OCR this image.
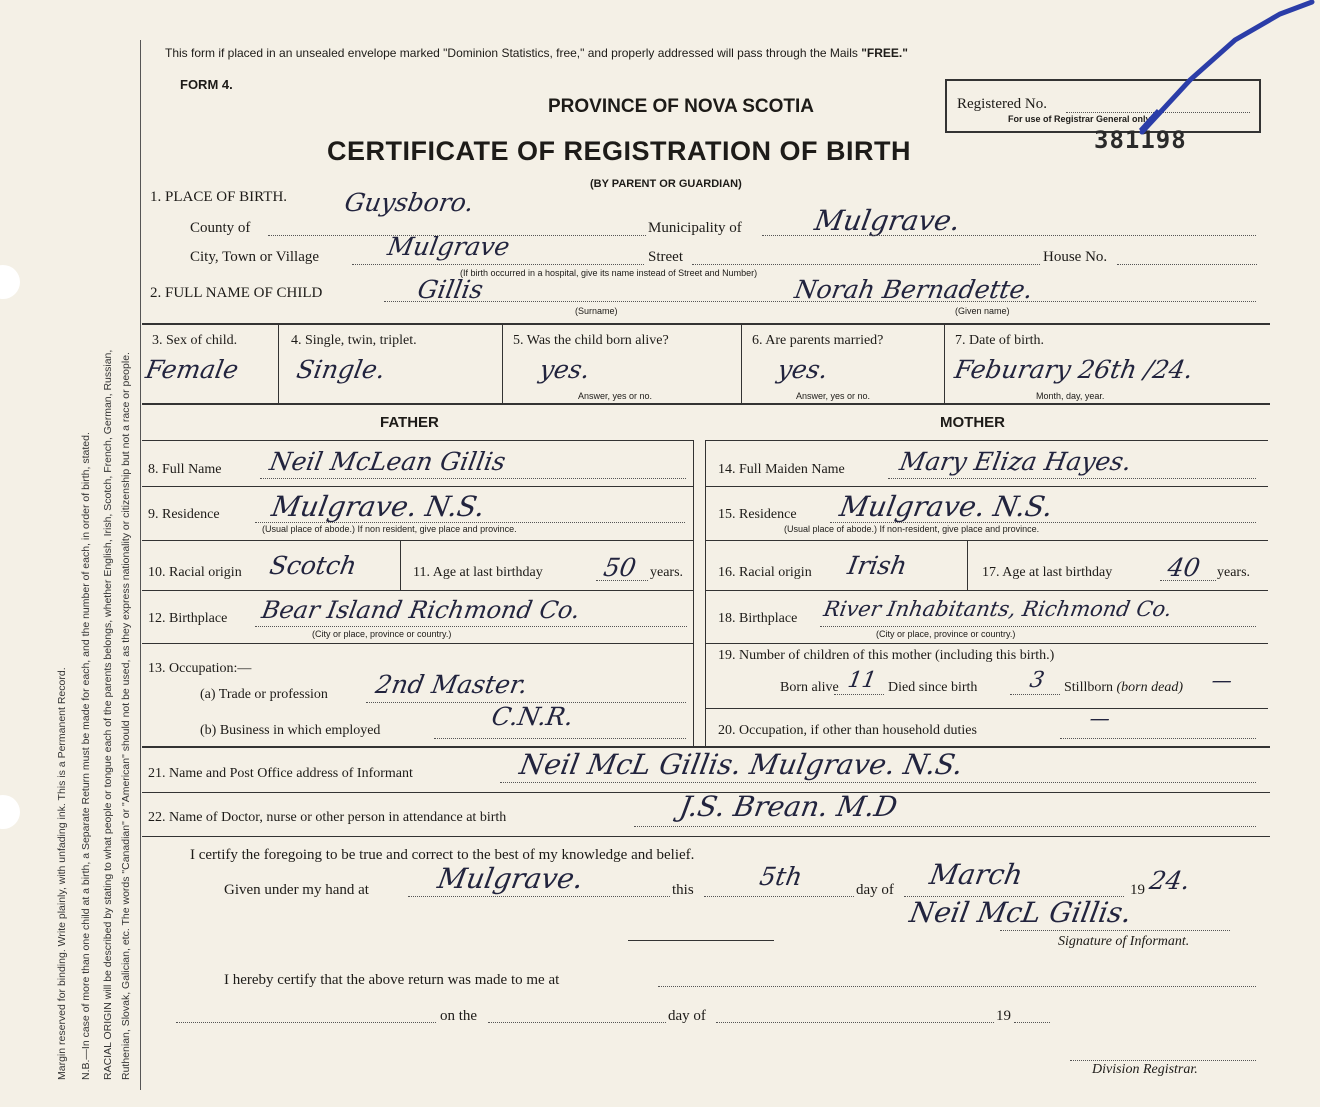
Margin reserved for binding. Write plainly, with unfading ink. This is a Permanent Record. N.B.—In case of more than one child at a birth, a Separate Return must be made for each, and the number of each, in order of birth, stated. RACIAL ORIGIN will be described by stating to what people or tongue each of the parents belongs, whether English, Irish, Scotch, French, German, Russian, Ruthenian, Slovak, Galician, etc. The words "Canadian" or "American" should not be used, as they express nationality or citizenship but not a race or people.
This form if placed in an unsealed envelope marked "Dominion Statistics, free," and properly addressed will pass through the Mails "FREE."
FORM 4.
PROVINCE OF NOVA SCOTIA
CERTIFICATE OF REGISTRATION OF BIRTH
(BY PARENT OR GUARDIAN)
Registered No.
For use of Registrar General only.
381198
1. PLACE OF BIRTH. Guysboro.
County of	Municipality of	Mulgrave.
City, Town or Village	Mulgrave	Street	House No.
(If birth occurred in a hospital, give its name instead of Street and Number)
2. FULL NAME OF CHILD	Gillis	Norah Bernadette.
(Surname)	(Given name)
3. Sex of child.
Female
4. Single, twin, triplet.
Single.
5. Was the child born alive?
yes.
Answer, yes or no.
6. Are parents married?
yes.
Answer, yes or no.
7. Date of birth.
Feburary 26th /24.
Month, day, year.
FATHER	MOTHER
8. Full Name Neil McLean Gillis
9. Residence Mulgrave. N.S.
(Usual place of abode.) If non resident, give place and province.
10. Racial origin Scotch	11. Age at last birthday 50 years.
12. Birthplace Bear Island Richmond Co.
(City or place, province or country.)
13. Occupation:—
(a) Trade or profession 2nd Master.
(b) Business in which employed	C.N.R.
14. Full Maiden Name Mary Eliza Hayes.
15. Residence Mulgrave. N.S.
(Usual place of abode.) If non-resident, give place and province.
16. Racial origin Irish	17. Age at last birthday 40 years.
18. Birthplace River Inhabitants, Richmond Co.
(City or place, province or country.)
19. Number of children of this mother (including this birth.)
Born alive 11 Died since birth 3 Stillborn (born dead) —
20. Occupation, if other than household duties
—
21. Name and Post Office address of Informant	Neil McL Gillis. Mulgrave. N.S.
22. Name of Doctor, nurse or other person in attendance at birth	J.S. Brean. M.D
I certify the foregoing to be true and correct to the best of my knowledge and belief.
Given under my hand at Mulgrave.	this	5th	day of March	19 24.
Neil McL Gillis.
Signature of Informant.
I hereby certify that the above return was made to me at
on the	day of	19
Division Registrar.
